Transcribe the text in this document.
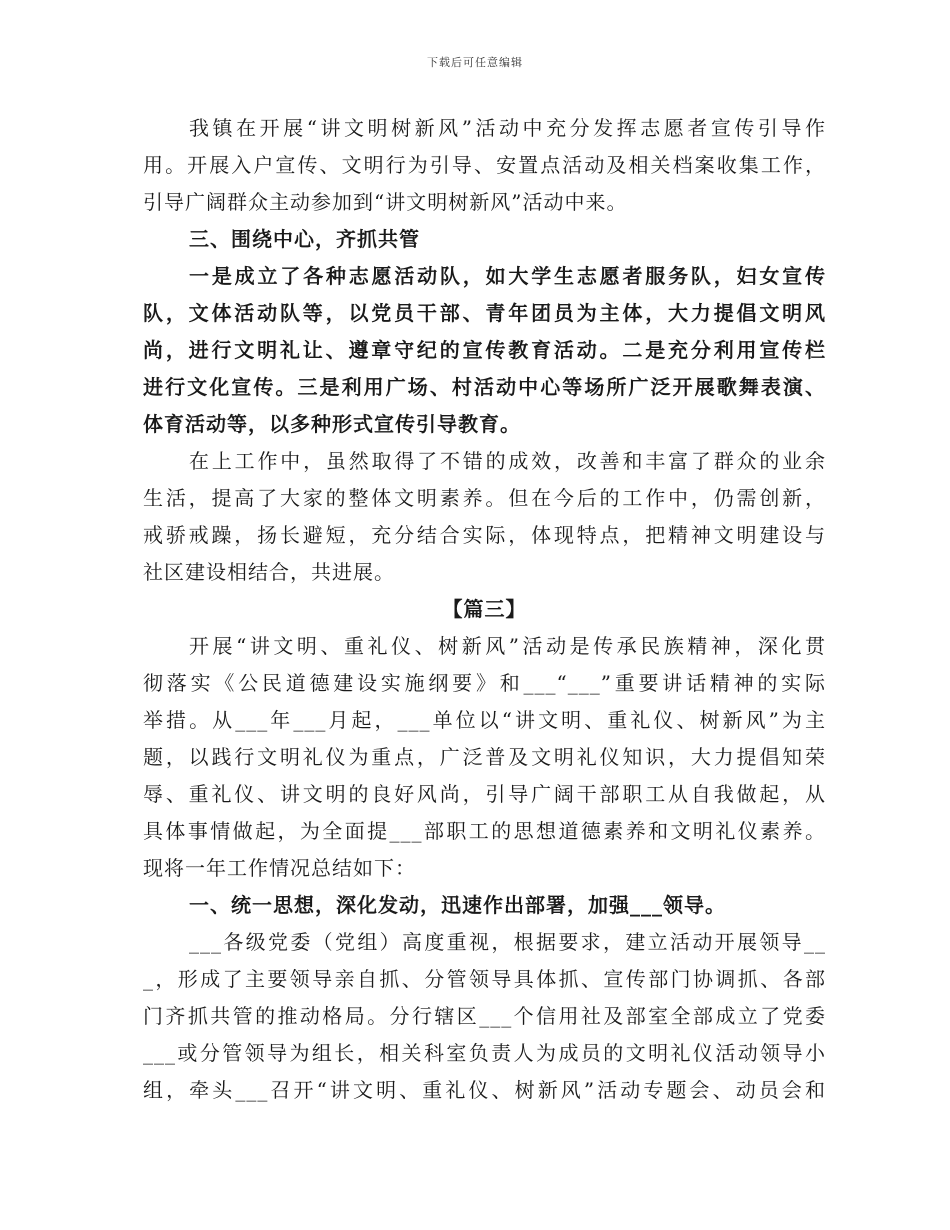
下载后可任意编辑
我镇在开展“讲文明树新风”活动中充分发挥志愿者宣传引导作
用。开展入户宣传、文明行为引导、安置点活动及相关档案收集工作，
引导广阔群众主动参加到“讲文明树新风”活动中来。
三、围绕中心，齐抓共管
一是成立了各种志愿活动队，如大学生志愿者服务队，妇女宣传
队，文体活动队等，以党员干部、青年团员为主体，大力提倡文明风
尚，进行文明礼让、遵章守纪的宣传教育活动。二是充分利用宣传栏
进行文化宣传。三是利用广场、村活动中心等场所广泛开展歌舞表演、
体育活动等，以多种形式宣传引导教育。
在上工作中，虽然取得了不错的成效，改善和丰富了群众的业余
生活，提高了大家的整体文明素养。但在今后的工作中，仍需创新，
戒骄戒躁，扬长避短，充分结合实际，体现特点，把精神文明建设与
社区建设相结合，共进展。
【篇三】
开展“讲文明、重礼仪、树新风”活动是传承民族精神，深化贯
彻落实《公民道德建设实施纲要》和___“___”重要讲话精神的实际
举措。从___年___月起，___单位以“讲文明、重礼仪、树新风”为主
题，以践行文明礼仪为重点，广泛普及文明礼仪知识，大力提倡知荣
辱、重礼仪、讲文明的良好风尚，引导广阔干部职工从自我做起，从
具体事情做起，为全面提___部职工的思想道德素养和文明礼仪素养。
现将一年工作情况总结如下：
一、统一思想，深化发动，迅速作出部署，加强___领导。
___各级党委（党组）高度重视，根据要求，建立活动开展领导__
_，形成了主要领导亲自抓、分管领导具体抓、宣传部门协调抓、各部
门齐抓共管的推动格局。分行辖区___个信用社及部室全部成立了党委
___或分管领导为组长，相关科室负责人为成员的文明礼仪活动领导小
组，牵头___召开“讲文明、重礼仪、树新风”活动专题会、动员会和
